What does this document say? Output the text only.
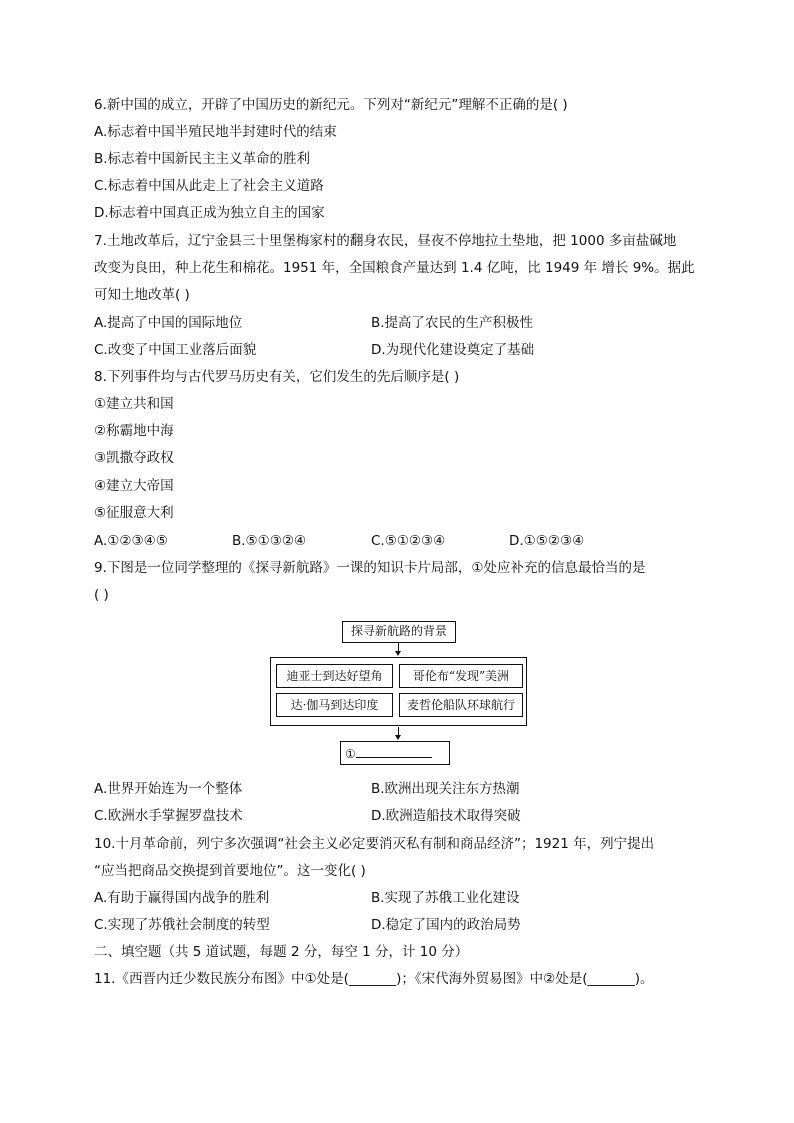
6.新中国的成立，开辟了中国历史的新纪元。下列对“新纪元”理解不正确的是( )
A.标志着中国半殖民地半封建时代的结束
B.标志着中国新民主主义革命的胜利
C.标志着中国从此走上了社会主义道路
D.标志着中国真正成为独立自主的国家
7.土地改革后，辽宁金县三十里堡梅家村的翻身农民，昼夜不停地拉土垫地，把 1000 多亩盐碱地
改变为良田，种上花生和棉花。1951 年，全国粮食产量达到 1.4 亿吨，比 1949 年 增长 9%。据此
可知土地改革( )
A.提高了中国的国际地位	B.提高了农民的生产积极性
C.改变了中国工业落后面貌	D.为现代化建设奠定了基础
8.下列事件均与古代罗马历史有关，它们发生的先后顺序是( )
①建立共和国
②称霸地中海
③凯撒夺政权
④建立大帝国
⑤征服意大利
A.①②③④⑤	B.⑤①③②④	C.⑤①②③④	D.①⑤②③④
9.下图是一位同学整理的《探寻新航路》一课的知识卡片局部，①处应补充的信息最恰当的是
( )
探寻新航路的背景
迪亚士到达好望角	哥伦布“发现”美洲
达·伽马到达印度	麦哲伦船队环球航行
①
A.世界开始连为一个整体	B.欧洲出现关注东方热潮
C.欧洲水手掌握罗盘技术	D.欧洲造船技术取得突破
10.十月革命前，列宁多次强调“社会主义必定要消灭私有制和商品经济”；1921 年，列宁提出
“应当把商品交换提到首要地位”。这一变化( )
A.有助于赢得国内战争的胜利	B.实现了苏俄工业化建设
C.实现了苏俄社会制度的转型	D.稳定了国内的政治局势
二、填空题（共 5 道试题，每题 2 分，每空 1 分，计 10 分）
11.《西晋内迁少数民族分布图》中①处是(_______)；《宋代海外贸易图》中②处是(_______)。
